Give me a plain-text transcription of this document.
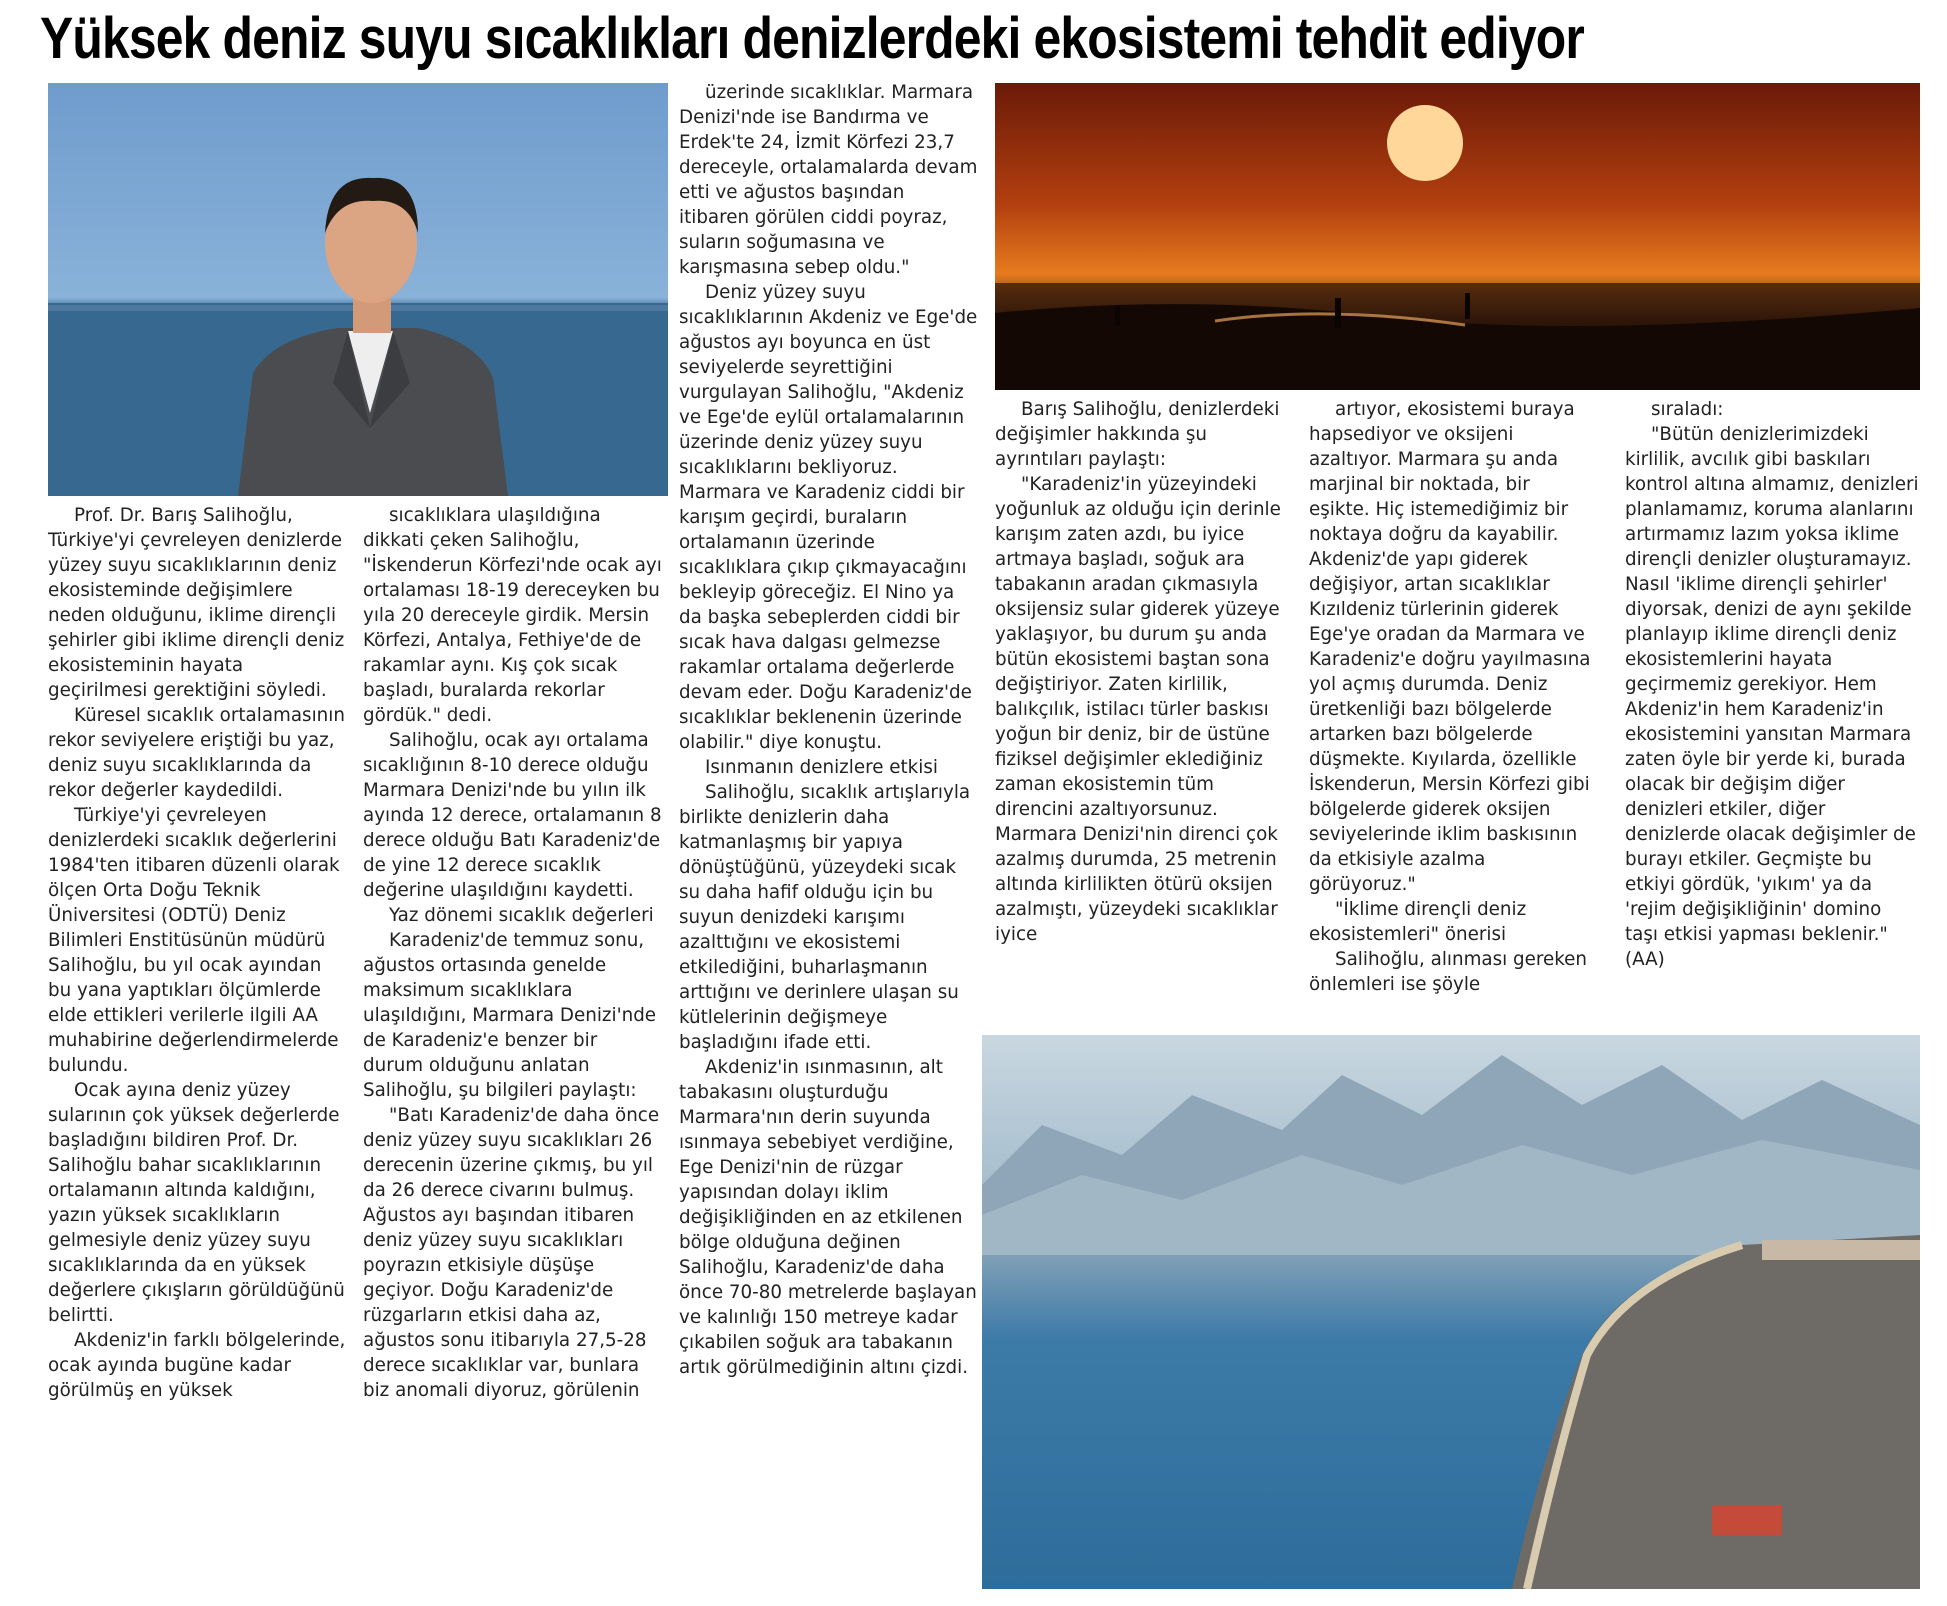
Yüksek deniz suyu sıcaklıkları denizlerdeki ekosistemi tehdit ediyor

Prof. Dr. Barış Salihoğlu, Türkiye'yi çevreleyen denizlerde yüzey suyu sıcaklıklarının deniz ekosisteminde değişimlere neden olduğunu, iklime dirençli şehirler gibi iklime dirençli deniz ekosisteminin hayata geçirilmesi gerektiğini söyledi.

Küresel sıcaklık ortalamasının rekor seviyelere eriştiği bu yaz, deniz suyu sıcaklıklarında da rekor değerler kaydedildi.

Türkiye'yi çevreleyen denizlerdeki sıcaklık değerlerini 1984'ten itibaren düzenli olarak ölçen Orta Doğu Teknik Üniversitesi (ODTÜ) Deniz Bilimleri Enstitüsünün müdürü Salihoğlu, bu yıl ocak ayından bu yana yaptıkları ölçümlerde elde ettikleri verilerle ilgili AA muhabirine değerlendirmelerde bulundu.

Ocak ayına deniz yüzey sularının çok yüksek değerlerde başladığını bildiren Prof. Dr. Salihoğlu bahar sıcaklıklarının ortalamanın altında kaldığını, yazın yüksek sıcaklıkların gelmesiyle deniz yüzey suyu sıcaklıklarında da en yüksek değerlere çıkışların görüldüğünü belirtti.

Akdeniz'in farklı bölgelerinde, ocak ayında bugüne kadar görülmüş en yüksek

sıcaklıklara ulaşıldığına dikkati çeken Salihoğlu, "İskenderun Körfezi'nde ocak ayı ortalaması 18-19 dereceyken bu yıla 20 dereceyle girdik. Mersin Körfezi, Antalya, Fethiye'de de rakamlar aynı. Kış çok sıcak başladı, buralarda rekorlar gördük." dedi.

Salihoğlu, ocak ayı ortalama sıcaklığının 8-10 derece olduğu Marmara Denizi'nde bu yılın ilk ayında 12 derece, ortalamanın 8 derece olduğu Batı Karadeniz'de de yine 12 derece sıcaklık değerine ulaşıldığını kaydetti.

Yaz dönemi sıcaklık değerleri

Karadeniz'de temmuz sonu, ağustos ortasında genelde maksimum sıcaklıklara ulaşıldığını, Marmara Denizi'nde de Karadeniz'e benzer bir durum olduğunu anlatan Salihoğlu, şu bilgileri paylaştı:

"Batı Karadeniz'de daha önce deniz yüzey suyu sıcaklıkları 26 derecenin üzerine çıkmış, bu yıl da 26 derece civarını bulmuş. Ağustos ayı başından itibaren deniz yüzey suyu sıcaklıkları poyrazın etkisiyle düşüşe geçiyor. Doğu Karadeniz'de rüzgarların etkisi daha az, ağustos sonu itibarıyla 27,5-28 derece sıcaklıklar var, bunlara biz anomali diyoruz, görülenin

üzerinde sıcaklıklar. Marmara Denizi'nde ise Bandırma ve Erdek'te 24, İzmit Körfezi 23,7 dereceyle, ortalamalarda devam etti ve ağustos başından itibaren görülen ciddi poyraz, suların soğumasına ve karışmasına sebep oldu."

Deniz yüzey suyu sıcaklıklarının Akdeniz ve Ege'de ağustos ayı boyunca en üst seviyelerde seyrettiğini vurgulayan Salihoğlu, "Akdeniz ve Ege'de eylül ortalamalarının üzerinde deniz yüzey suyu sıcaklıklarını bekliyoruz. Marmara ve Karadeniz ciddi bir karışım geçirdi, buraların ortalamanın üzerinde sıcaklıklara çıkıp çıkmayacağını bekleyip göreceğiz. El Nino ya da başka sebeplerden ciddi bir sıcak hava dalgası gelmezse rakamlar ortalama değerlerde devam eder. Doğu Karadeniz'de sıcaklıklar beklenenin üzerinde olabilir." diye konuştu.

Isınmanın denizlere etkisi

Salihoğlu, sıcaklık artışlarıyla birlikte denizlerin daha katmanlaşmış bir yapıya dönüştüğünü, yüzeydeki sıcak su daha hafif olduğu için bu suyun denizdeki karışımı azalttığını ve ekosistemi etkilediğini, buharlaşmanın arttığını ve derinlere ulaşan su kütlelerinin değişmeye başladığını ifade etti.

Akdeniz'in ısınmasının, alt tabakasını oluşturduğu Marmara'nın derin suyunda ısınmaya sebebiyet verdiğine, Ege Denizi'nin de rüzgar yapısından dolayı iklim değişikliğinden en az etkilenen bölge olduğuna değinen Salihoğlu, Karadeniz'de daha önce 70-80 metrelerde başlayan ve kalınlığı 150 metreye kadar çıkabilen soğuk ara tabakanın artık görülmediğinin altını çizdi.

Barış Salihoğlu, denizlerdeki değişimler hakkında şu ayrıntıları paylaştı:

"Karadeniz'in yüzeyindeki yoğunluk az olduğu için derinle karışım zaten azdı, bu iyice artmaya başladı, soğuk ara tabakanın aradan çıkmasıyla oksijensiz sular giderek yüzeye yaklaşıyor, bu durum şu anda bütün ekosistemi baştan sona değiştiriyor. Zaten kirlilik, balıkçılık, istilacı türler baskısı yoğun bir deniz, bir de üstüne fiziksel değişimler eklediğiniz zaman ekosistemin tüm direncini azaltıyorsunuz. Marmara Denizi'nin direnci çok azalmış durumda, 25 metrenin altında kirlilikten ötürü oksijen azalmıştı, yüzeydeki sıcaklıklar iyice

artıyor, ekosistemi buraya hapsediyor ve oksijeni azaltıyor. Marmara şu anda marjinal bir noktada, bir eşikte. Hiç istemediğimiz bir noktaya doğru da kayabilir. Akdeniz'de yapı giderek değişiyor, artan sıcaklıklar Kızıldeniz türlerinin giderek Ege'ye oradan da Marmara ve Karadeniz'e doğru yayılmasına yol açmış durumda. Deniz üretkenliği bazı bölgelerde artarken bazı bölgelerde düşmekte. Kıyılarda, özellikle İskenderun, Mersin Körfezi gibi bölgelerde giderek oksijen seviyelerinde iklim baskısının da etkisiyle azalma görüyoruz."

"İklime dirençli deniz ekosistemleri" önerisi

Salihoğlu, alınması gereken önlemleri ise şöyle

sıraladı:

"Bütün denizlerimizdeki kirlilik, avcılık gibi baskıları kontrol altına almamız, denizleri planlamamız, koruma alanlarını artırmamız lazım yoksa iklime dirençli denizler oluşturamayız. Nasıl 'iklime dirençli şehirler' diyorsak, denizi de aynı şekilde planlayıp iklime dirençli deniz ekosistemlerini hayata geçirmemiz gerekiyor. Hem Akdeniz'in hem Karadeniz'in ekosistemini yansıtan Marmara zaten öyle bir yerde ki, burada olacak bir değişim diğer denizleri etkiler, diğer denizlerde olacak değişimler de burayı etkiler. Geçmişte bu etkiyi gördük, 'yıkım' ya da 'rejim değişikliğinin' domino taşı etkisi yapması beklenir."(AA)
